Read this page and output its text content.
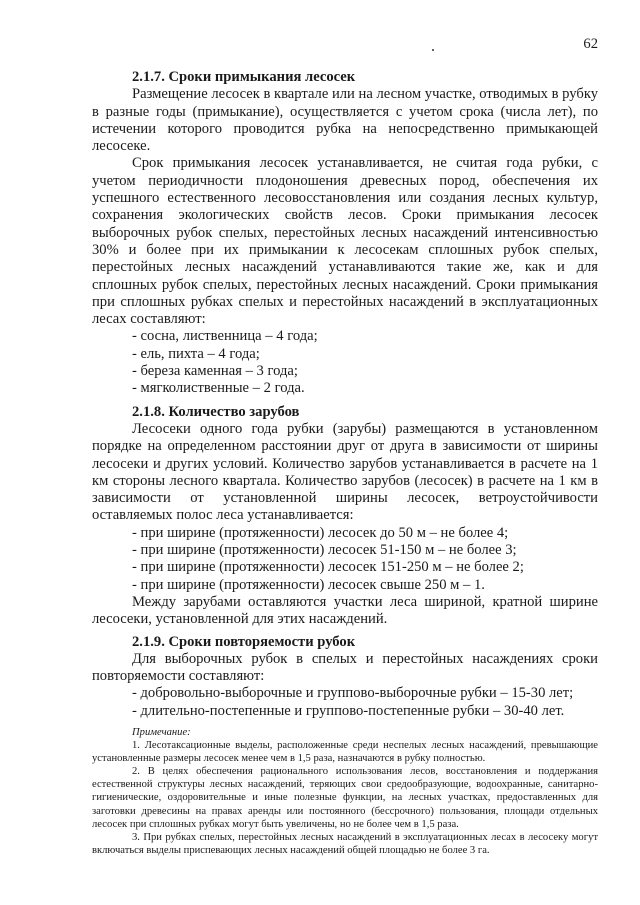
62

2.1.7. Сроки примыкания лесосек

Размещение лесосек в квартале или на лесном участке, отводимых в рубку в разные годы (примыкание), осуществляется с учетом срока (числа лет), по истечении которого проводится рубка на непосредственно примыкающей лесосеке.

Срок примыкания лесосек устанавливается, не считая года рубки, с учетом периодичности плодоношения древесных пород, обеспечения их успешного естественного лесовосстановления или создания лесных культур, сохранения экологических свойств лесов. Сроки примыкания лесосек выборочных рубок спелых, перестойных лесных насаждений интенсивностью 30% и более при их примыкании к лесосекам сплошных рубок спелых, перестойных лесных насаждений устанавливаются такие же, как и для сплошных рубок спелых, перестойных лесных насаждений. Сроки примыкания при сплошных рубках спелых и перестойных насаждений в эксплуатационных лесах составляют:

- сосна, лиственница – 4 года;
- ель, пихта – 4 года;
- береза каменная – 3 года;
- мягколиственные – 2 года.

2.1.8. Количество зарубов

Лесосеки одного года рубки (зарубы) размещаются в установленном порядке на определенном расстоянии друг от друга в зависимости от ширины лесосеки и других условий. Количество зарубов устанавливается в расчете на 1 км стороны лесного квартала. Количество зарубов (лесосек) в расчете на 1 км в зависимости от установленной ширины лесосек, ветроустойчивости оставляемых полос леса устанавливается:

- при ширине (протяженности) лесосек до 50 м – не более 4;
- при ширине (протяженности) лесосек 51-150 м – не более 3;
- при ширине (протяженности) лесосек 151-250 м – не более 2;
- при ширине (протяженности) лесосек свыше 250 м – 1.

Между зарубами оставляются участки леса шириной, кратной ширине лесосеки, установленной для этих насаждений.

2.1.9. Сроки повторяемости рубок

Для выборочных рубок в спелых и перестойных насаждениях сроки повторяемости составляют:

- добровольно-выборочные и группово-выборочные рубки – 15-30 лет;
- длительно-постепенные и группово-постепенные рубки – 30-40 лет.

Примечание:

1. Лесотаксационные выделы, расположенные среди неспелых лесных насаждений, превышающие установленные размеры лесосек менее чем в 1,5 раза, назначаются в рубку полностью.

2. В целях обеспечения рационального использования лесов, восстановления и поддержания естественной структуры лесных насаждений, теряющих свои средообразующие, водоохранные, санитарно-гигиенические, оздоровительные и иные полезные функции, на лесных участках, предоставленных для заготовки древесины на правах аренды или постоянного (бессрочного) пользования, площади отдельных лесосек при сплошных рубках могут быть увеличены, но не более чем в 1,5 раза.

3. При рубках спелых, перестойных лесных насаждений в эксплуатационных лесах в лесосеку могут включаться выделы приспевающих лесных насаждений общей площадью не более 3 га.
